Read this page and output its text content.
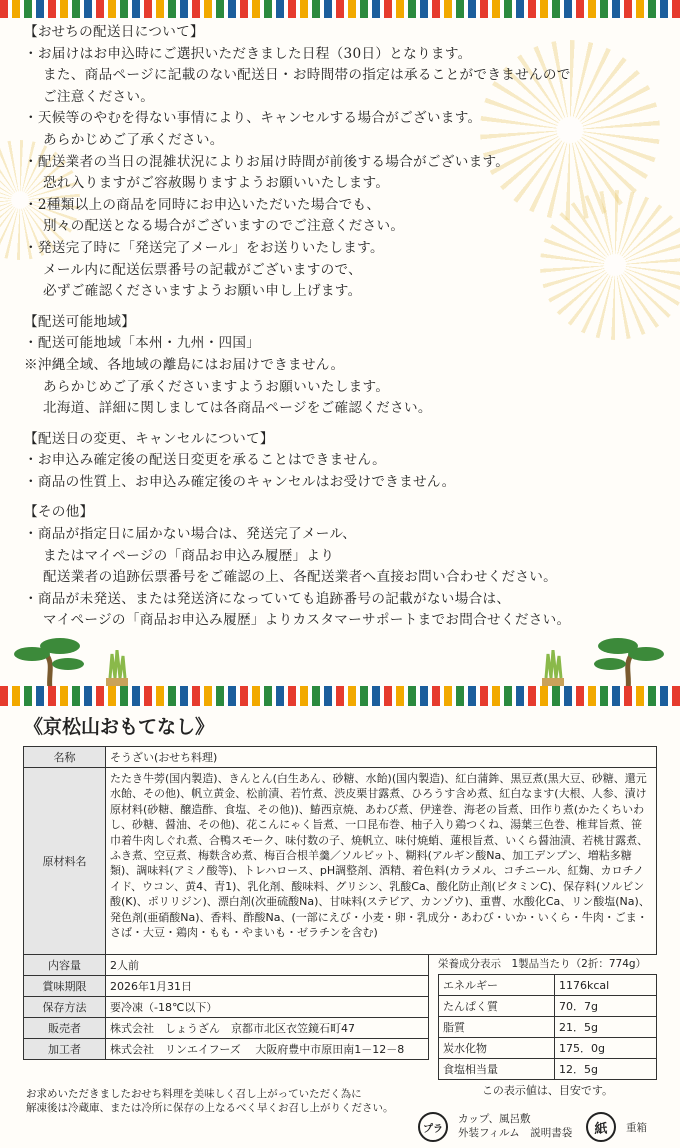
【おせちの配送日について】
・お届けはお申込時にご選択いただきました日程（30日）となります。
また、商品ページに記載のない配送日・お時間帯の指定は承ることができませんので
ご注意ください。
・天候等のやむを得ない事情により、キャンセルする場合がございます。
あらかじめご了承ください。
・配送業者の当日の混雑状況によりお届け時間が前後する場合がございます。
恐れ入りますがご容赦賜りますようお願いいたします。
・2種類以上の商品を同時にお申込いただいた場合でも、
別々の配送となる場合がございますのでご注意ください。
・発送完了時に「発送完了メール」をお送りいたします。
メール内に配送伝票番号の記載がございますので、
必ずご確認くださいますようお願い申し上げます。
【配送可能地域】
・配送可能地域「本州・九州・四国」
※沖縄全域、各地域の離島にはお届けできません。
あらかじめご了承くださいますようお願いいたします。
北海道、詳細に関しましては各商品ページをご確認ください。
【配送日の変更、キャンセルについて】
・お申込み確定後の配送日変更を承ることはできません。
・商品の性質上、お申込み確定後のキャンセルはお受けできません。
【その他】
・商品が指定日に届かない場合は、発送完了メール、
またはマイページの「商品お申込み履歴」より
配送業者の追跡伝票番号をご確認の上、各配送業者へ直接お問い合わせください。
・商品が未発送、または発送済になっていても追跡番号の記載がない場合は、
マイページの「商品お申込み履歴」よりカスタマーサポートまでお問合せください。
《京松山おもてなし》
名称	そうざい(おせち料理)
原材料名	たたき牛蒡(国内製造)、きんとん(白生あん、砂糖、水飴)(国内製造)、紅白蒲鉾、黒豆煮(黒大豆、砂糖、還元水飴、その他)、帆立黄金、松前漬、若竹煮、渋皮栗甘露煮、ひろうす含め煮、紅白なます(大根、人参、漬け原材料(砂糖、醸造酢、食塩、その他))、鰆西京焼、あわび煮、伊達巻、海老の旨煮、田作り煮(かたくちいわし、砂糖、醤油、その他)、花こんにゃく旨煮、一口昆布巻、柚子入り鶏つくね、湯葉三色巻、椎茸旨煮、笹巾着牛肉しぐれ煮、合鴨スモーク、味付数の子、焼帆立、味付焼蛸、蓮根旨煮、いくら醤油漬、若桃甘露煮、ふき煮、空豆煮、梅麩含め煮、梅百合根羊羹／ソルビット、糊料(アルギン酸Na、加工デンプン、増粘多糖類)、調味料(アミノ酸等)、トレハロース、pH調整剤、酒精、着色料(カラメル、コチニール、紅麹、カロチノイド、ウコン、黄4、青1)、乳化剤、酸味料、グリシン、乳酸Ca、酸化防止剤(ビタミンC)、保存料(ソルビン酸(K)、ポリリジン)、漂白剤(次亜硫酸Na)、甘味料(ステビア、カンゾウ)、重曹、水酸化Ca、リン酸塩(Na)、発色剤(亜硝酸Na)、香料、酢酸Na、(一部にえび・小麦・卵・乳成分・あわび・いか・いくら・牛肉・ごま・さば・大豆・鶏肉・もも・やまいも・ゼラチンを含む)
内容量	2人前
賞味期限	2026年1月31日
保存方法	要冷凍（-18℃以下）
販売者	株式会社　しょうざん　京都市北区衣笠鏡石町47
加工者	株式会社　リンエイフーズ　 大阪府豊中市原田南1－12－8
栄養成分表示　1製品当たり（2折：774g）
エネルギー	1176kcal
たんぱく質	70．7g
脂質	21．5g
炭水化物	175．0g
食塩相当量	12．5g
この表示値は、目安です。
お求めいただきましたおせち料理を美味しく召し上がっていただく為に
解凍後は冷蔵庫、または冷所に保存の上なるべく早くお召し上がりください。
プラ
カップ、風呂敷
外装フィルム　説明書袋	紙	重箱
